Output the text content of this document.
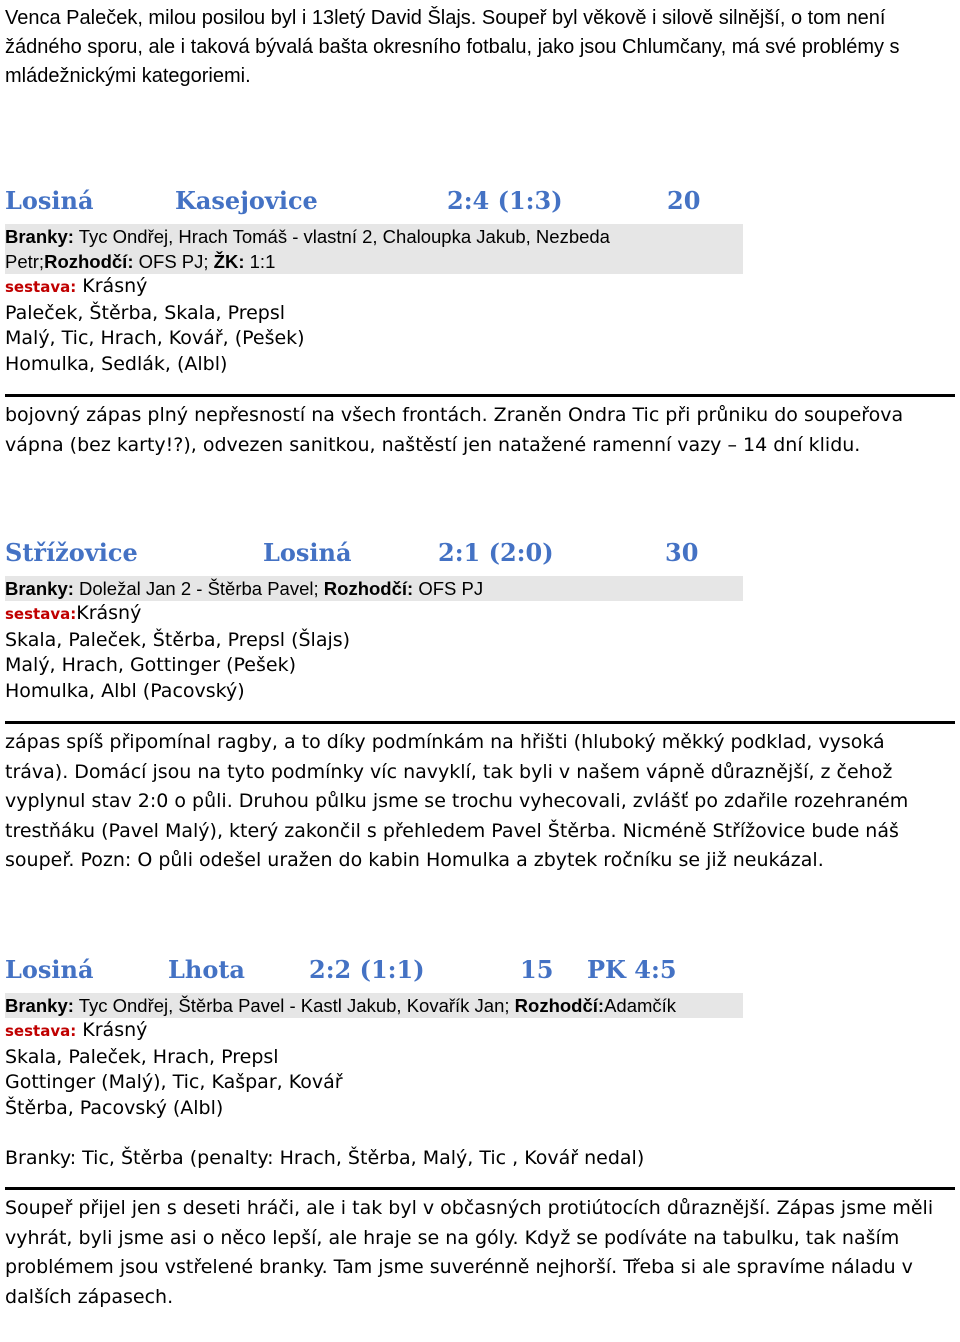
Venca Paleček, milou posilou byl i 13letý David Šlajs. Soupeř byl věkově i silově silnější, o tom není žádného sporu, ale i taková bývalá bašta okresního fotbalu, jako jsou Chlumčany, má své problémy s mládežnickými kategoriemi.
Losiná	Kasejovice	2:4 (1:3)	20
Branky: Tyc Ondřej, Hrach Tomáš - vlastní 2, Chaloupka Jakub, Nezbeda Petr;Rozhodčí: OFS PJ; ŽK: 1:1
sestava: Krásný
Paleček, Štěrba, Skala, Prepsl
Malý, Tic, Hrach, Kovář, (Pešek)
Homulka, Sedlák, (Albl)
bojovný zápas plný nepřesností na všech frontách. Zraněn Ondra Tic při průniku do soupeřova vápna (bez karty!?), odvezen sanitkou, naštěstí jen natažené ramenní vazy – 14 dní klidu.
Střížovice	Losiná	2:1 (2:0)	30
Branky: Doležal Jan 2 - Štěrba Pavel; Rozhodčí: OFS PJ
sestava:Krásný
Skala, Paleček, Štěrba, Prepsl (Šlajs)
Malý, Hrach, Gottinger (Pešek)
Homulka, Albl (Pacovský)
zápas spíš připomínal ragby, a to díky podmínkám na hřišti (hluboký měkký podklad, vysoká tráva). Domácí jsou na tyto podmínky víc navyklí, tak byli v našem vápně důraznější, z čehož vyplynul stav 2:0 o půli. Druhou půlku jsme se trochu vyhecovali, zvlášť po zdařile rozehraném trestňáku (Pavel Malý), který zakončil s přehledem Pavel Štěrba. Nicméně Střížovice bude náš soupeř. Pozn: O půli odešel uražen do kabin Homulka a zbytek ročníku se již neukázal.
Losiná	Lhota	2:2 (1:1)	15 PK 4:5
Branky: Tyc Ondřej, Štěrba Pavel - Kastl Jakub, Kovařík Jan; Rozhodčí:Adamčík
sestava: Krásný
Skala, Paleček, Hrach, Prepsl
Gottinger (Malý), Tic, Kašpar, Kovář
Štěrba, Pacovský (Albl)
Branky: Tic, Štěrba (penalty: Hrach, Štěrba, Malý, Tic , Kovář nedal)
Soupeř přijel jen s deseti hráči, ale i tak byl v občasných protiútocích důraznější. Zápas jsme měli vyhrát, byli jsme asi o něco lepší, ale hraje se na góly. Když se podíváte na tabulku, tak naším problémem jsou vstřelené branky. Tam jsme suverénně nejhorší. Třeba si ale spravíme náladu v dalších zápasech.
